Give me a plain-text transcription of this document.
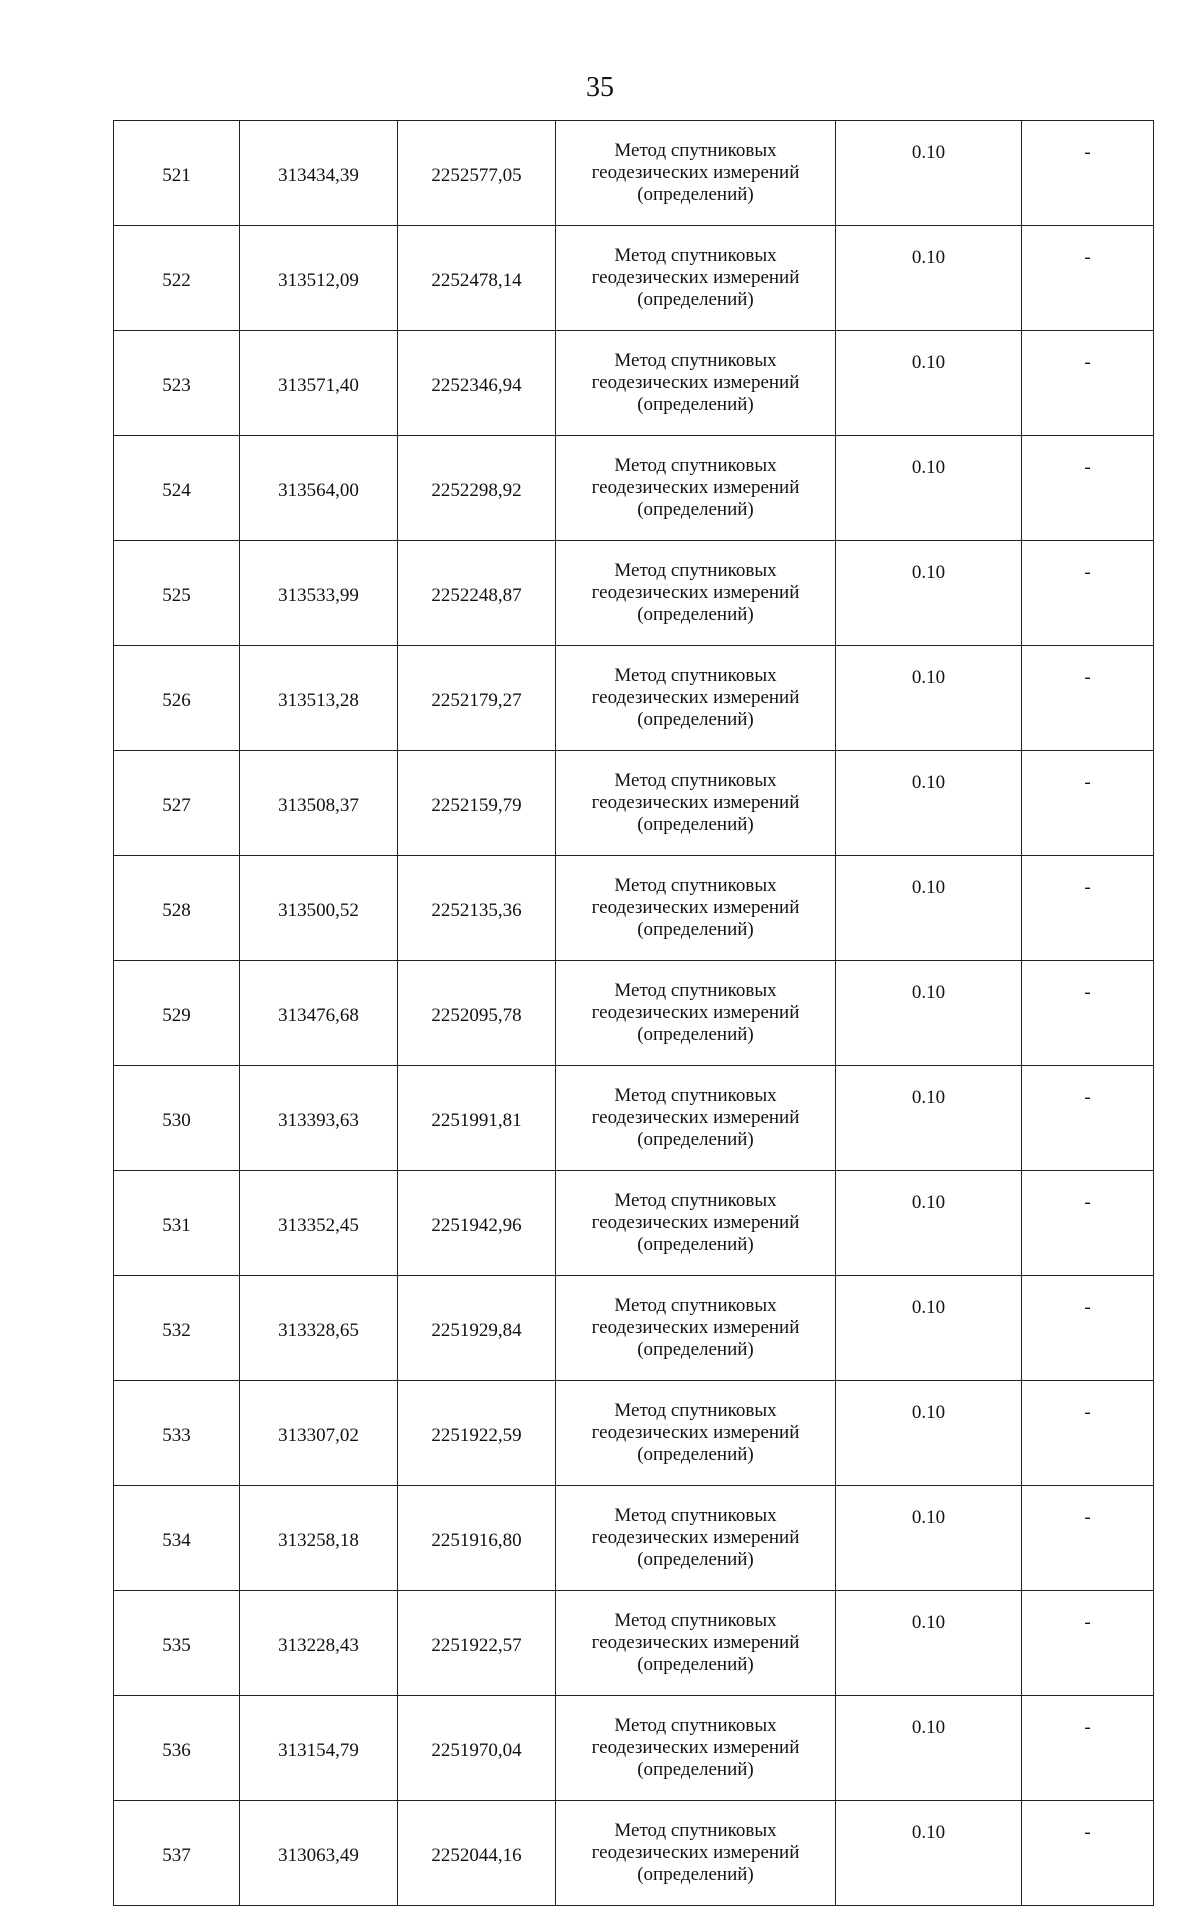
35
521	313434,39	2252577,05	Метод спутниковых геодезических измерений (определений)	0.10	-
522	313512,09	2252478,14	Метод спутниковых геодезических измерений (определений)	0.10	-
523	313571,40	2252346,94	Метод спутниковых геодезических измерений (определений)	0.10	-
524	313564,00	2252298,92	Метод спутниковых геодезических измерений (определений)	0.10	-
525	313533,99	2252248,87	Метод спутниковых геодезических измерений (определений)	0.10	-
526	313513,28	2252179,27	Метод спутниковых геодезических измерений (определений)	0.10	-
527	313508,37	2252159,79	Метод спутниковых геодезических измерений (определений)	0.10	-
528	313500,52	2252135,36	Метод спутниковых геодезических измерений (определений)	0.10	-
529	313476,68	2252095,78	Метод спутниковых геодезических измерений (определений)	0.10	-
530	313393,63	2251991,81	Метод спутниковых геодезических измерений (определений)	0.10	-
531	313352,45	2251942,96	Метод спутниковых геодезических измерений (определений)	0.10	-
532	313328,65	2251929,84	Метод спутниковых геодезических измерений (определений)	0.10	-
533	313307,02	2251922,59	Метод спутниковых геодезических измерений (определений)	0.10	-
534	313258,18	2251916,80	Метод спутниковых геодезических измерений (определений)	0.10	-
535	313228,43	2251922,57	Метод спутниковых геодезических измерений (определений)	0.10	-
536	313154,79	2251970,04	Метод спутниковых геодезических измерений (определений)	0.10	-
537	313063,49	2252044,16	Метод спутниковых геодезических измерений (определений)	0.10	-
